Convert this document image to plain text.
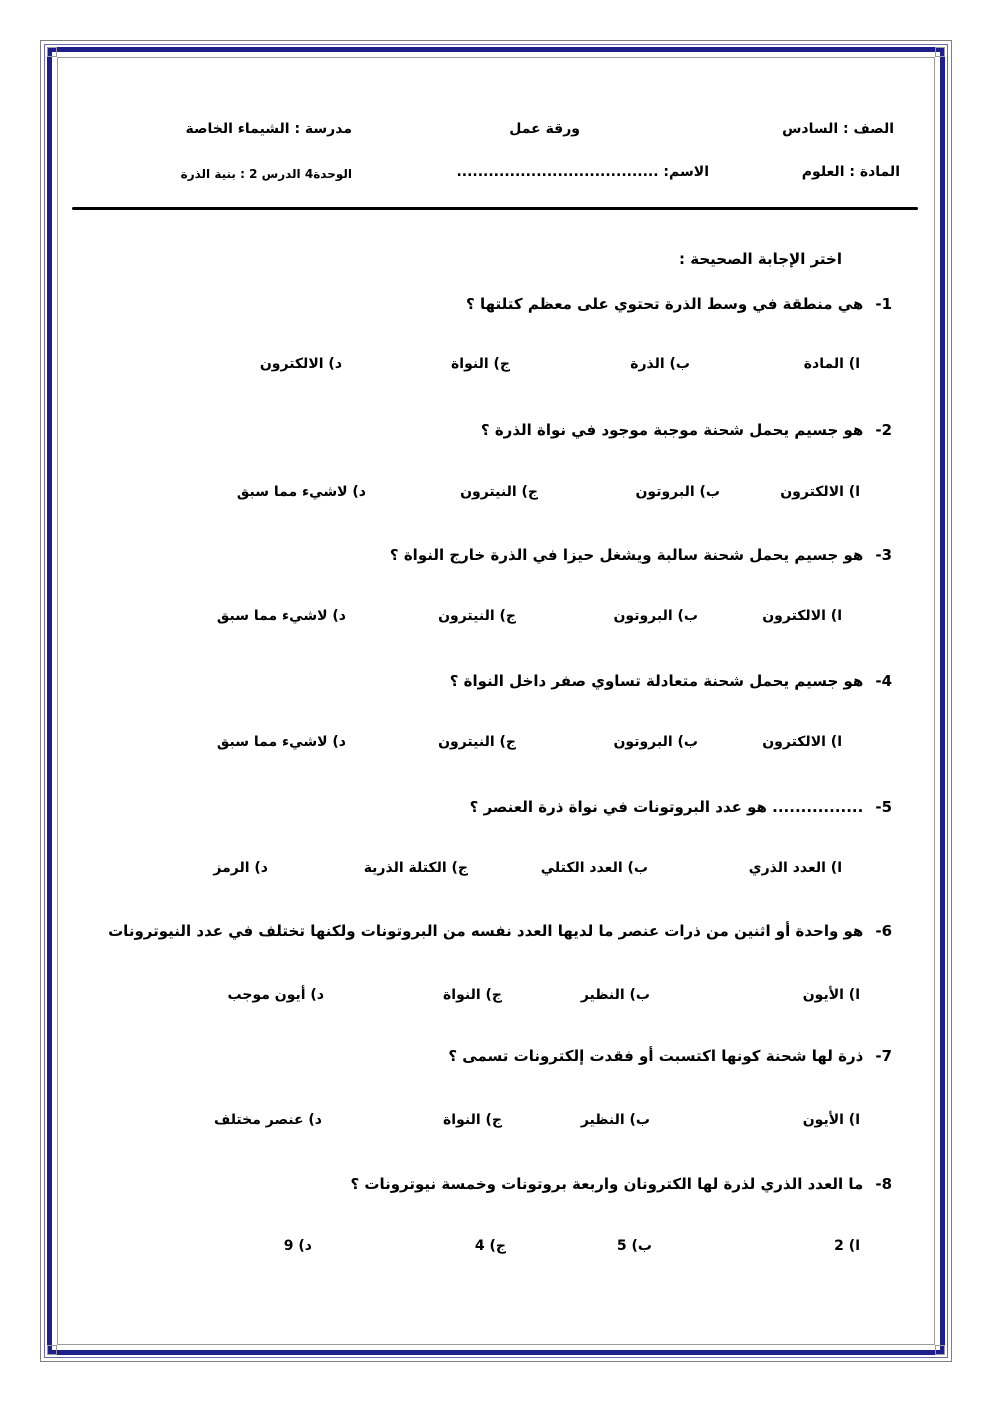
الصف : السادس
ورقة عمل
مدرسة : الشيماء الخاصة
المادة : العلوم
الاسم: ......................................
الوحدة4 الدرس 2 : بنية الذرة
اختر الإجابة الصحيحة :
1-هي منطقة في وسط الذرة تحتوي على معظم كتلتها ؟
ا) المادة
ب) الذرة
ج) النواة
د) الالكترون
2-هو جسيم يحمل شحنة موجبة موجود في نواة الذرة ؟
ا) الالكترون
ب) البروتون
ج) النيترون
د) لاشيء مما سبق
3-هو جسيم يحمل شحنة سالبة ويشغل حيزا في الذرة خارج النواة ؟
ا) الالكترون
ب) البروتون
ج) النيترون
د) لاشيء مما سبق
4-هو جسيم يحمل شحنة متعادلة تساوي صفر داخل النواة ؟
ا) الالكترون
ب) البروتون
ج) النيترون
د) لاشيء مما سبق
5-................ هو عدد البروتونات في نواة ذرة العنصر ؟
ا) العدد الذري
ب) العدد الكتلي
ج) الكتلة الذرية
د) الرمز
6-هو واحدة أو اثنين من ذرات عنصر ما لديها العدد نفسه من البروتونات ولكنها تختلف في عدد النيوترونات
ا) الأيون
ب) النظير
ج) النواة
د) أيون موجب
7-ذرة لها شحنة كونها اكتسبت أو فقدت إلكترونات تسمى ؟
ا) الأيون
ب) النظير
ج) النواة
د) عنصر مختلف
8-ما العدد الذري لذرة لها الكترونان واربعة بروتونات وخمسة نيوترونات ؟
ا) 2
ب) 5
ج) 4
د) 9
